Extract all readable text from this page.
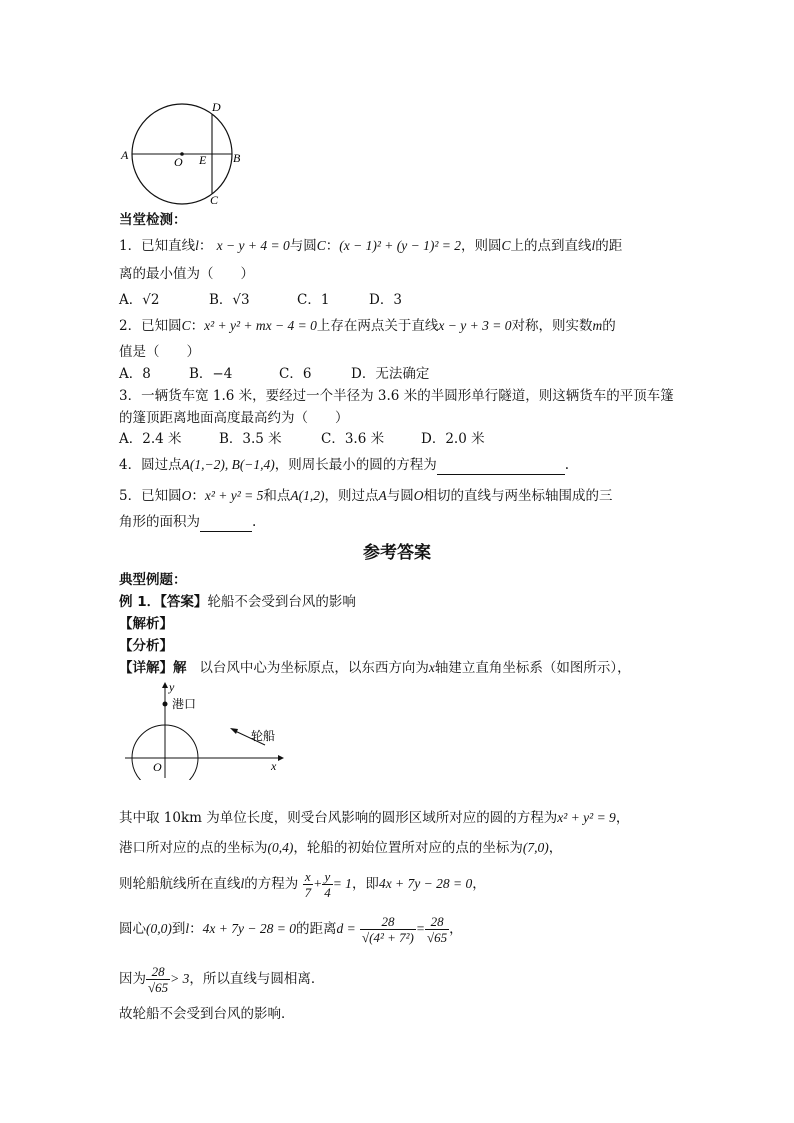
A	O E B
D
C
当堂检测：
1．已知直线l： x − y + 4 = 0与圆C：(x − 1)² + (y − 1)² = 2，则圆C上的点到直线l的距
离的最小值为（　　）
A．√2	B．√3	C．1	D．3
2．已知圆C：x² + y² + mx − 4 = 0上存在两点关于直线x − y + 3 = 0对称，则实数m的
值是（　　）
A．8	B．−4	C．6	D．无法确定
3．一辆货车宽 1.6 米，要经过一个半径为 3.6 米的半圆形单行隧道，则这辆货车的平顶车篷
的篷顶距离地面高度最高约为（　　）
A．2.4 米	B．3.5 米	C．3.6 米	D．2.0 米
4．圆过点A(1,−2), B(−1,4)，则周长最小的圆的方程为	.
5．已知圆O：x² + y² = 5和点A(1,2)，则过点A与圆O相切的直线与两坐标轴围成的三
角形的面积为	.
参考答案
典型例题：
例 1．【答案】轮船不会受到台风的影响
【解析】
【分析】
【详解】解 以台风中心为坐标原点，以东西方向为x轴建立直角坐标系（如图所示），
y
x
O
港口
轮船
其中取 10km 为单位长度，则受台风影响的圆形区域所对应的圆的方程为x² + y² = 9，
港口所对应的点的坐标为(0,4)，轮船的初始位置所对应的点的坐标为(7,0)，
则轮船航线所在直线l的方程为 $\frac{x}{7} + \frac{y}{4} = 1$，即4x + 7y − 28 = 0，
圆心(0,0)到l：4x + 7y − 28 = 0的距离$d = \frac{28}{\text{√(4² + 7²)}} = \frac{28}{√65}$ ，
因为 $\frac{28}{√65} > 3$，所以直线与圆相离．
故轮船不会受到台风的影响．
